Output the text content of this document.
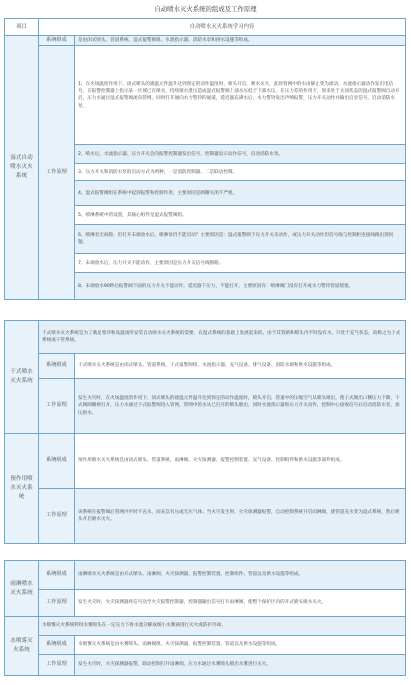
自动喷水灭火系统的组成及工作原理
项目	自动喷水灭火系统学习内容	
湿式自动喷水灭火系统	系统组成	是由闭式喷头、管道系统、湿式报警阀组、水流指示器、消防水泵和供水设施等组成。
	工作原理	1、在火场温度作用下，闭式喷头的感温元件温升达到预定的动作温度时，喷头开启，喷水灭火，此时管网中的水由静止变为流动，水流指示器动作发出电信号，在报警控制器上指示某一区域已在喷水，持续喷水泄压造成湿式报警阀上部水压低于下部水压，在压力差的作用下，原来处于关闭状态的湿式报警阀自动开启，压力水通过湿式报警阀流向管网，同时打开通向水力警铃的通道，延迟器充满水后，水力警铃发出声响报警，压力开关动作并输出启泵信号，启动消防水泵。
		2、喷水后，水流指示器、压力开关会向报警控制器发出信号，控制器显示动作信号，启动消防水泵。
		3、压力开关和消防水泵的启动方式为两种，一是消防控制器、二是联动控制。
		4、湿式报警阀组在系统中起到报警和控制作用，主要原因是阀瓣关闭不严密。
		5、喷淋系统中的设置，其核心组件是湿式报警阀组。
		6、喷淋泵无故障，但打开末端放水后，喷淋泵仍不能启动？主要原因是：湿式报警阀下压力开关未动作，或压力开关动作但信号线与控制柜连接线路出现问题。
		7、末端放水后，压力开关不能动作，主要原因是压力开关信号线断路。
		8、末端放水90秒后报警阀下面的压力开关不能动作，延迟器下压力，不能打开，主要原因有：喷淋阀门没有打开或水力警铃管道堵塞。
干式喷水灭火系统	干式喷水灭火系统是为了满足寒冷和高温场所安装自动喷水灭火系统的需要，在湿式系统的基础上发展起来的。由于其管路和喷头内平时没有水，只处于充气状态，故称之为干式系统或干管系统。	
	系统组成	干式喷水灭火系统是由闭式喷头、管道系统、干式报警阀组、水流指示器、充气设备、排气设备、消防水源和供水设施等组成。
	工作原理	发生火灾时，在火场温度的作用下，闭式喷头的感温元件温升达到预定的动作温度时，喷头开启，管道中的压缩空气从喷头喷出，使干式阀出口侧压力下降，干式阀阀瓣被打开，压力水通过干式报警阀进入管网，管网中的水从已打开的喷头喷出，同时水流指示器和压力开关动作，控制中心接收信号后启动消防水泵，加压供水。
预作用喷水灭火系统	系统组成	预作用喷水灭火系统是由闭式喷头、管道系统、雨淋阀、火灾探测器、报警控制装置、充气设备、控制组件和供水设施等部件组成。
	工作原理	该系统在报警阀后管网内平时不充水，而充以有压或无压气体；当火灾发生时，火灾探测器报警，自动控制系统开启雨淋阀，使管道充水变为湿式系统，然后喷头开启喷水灭火。
雨淋喷水灭火系统	系统组成	雨淋喷水灭火系统是由开式喷头、雨淋阀、火灾探测器、报警控制装置、控制组件、管道以及供水设施等组成。
	工作原理	发生火灾时，火灾探测器将信号送至火灾报警控制器，控制器输出信号打开雨淋阀，使整个保护区内的开式喷头喷水灭火。
水喷雾灭火系统	水喷雾灭火系统利用水雾喷头在一定压力下将水流分解成细小水雾滴进行灭火或防护冷却。	
	系统组成	水喷雾灭火系统是由水雾喷头、雨淋阀组、火灾探测器、报警控制装置、管道以及供水设施等组成。
	工作原理	发生火灾时，火灾探测器报警，联动控制打开雨淋阀，压力水通过水雾喷头喷出水雾进行灭火。
